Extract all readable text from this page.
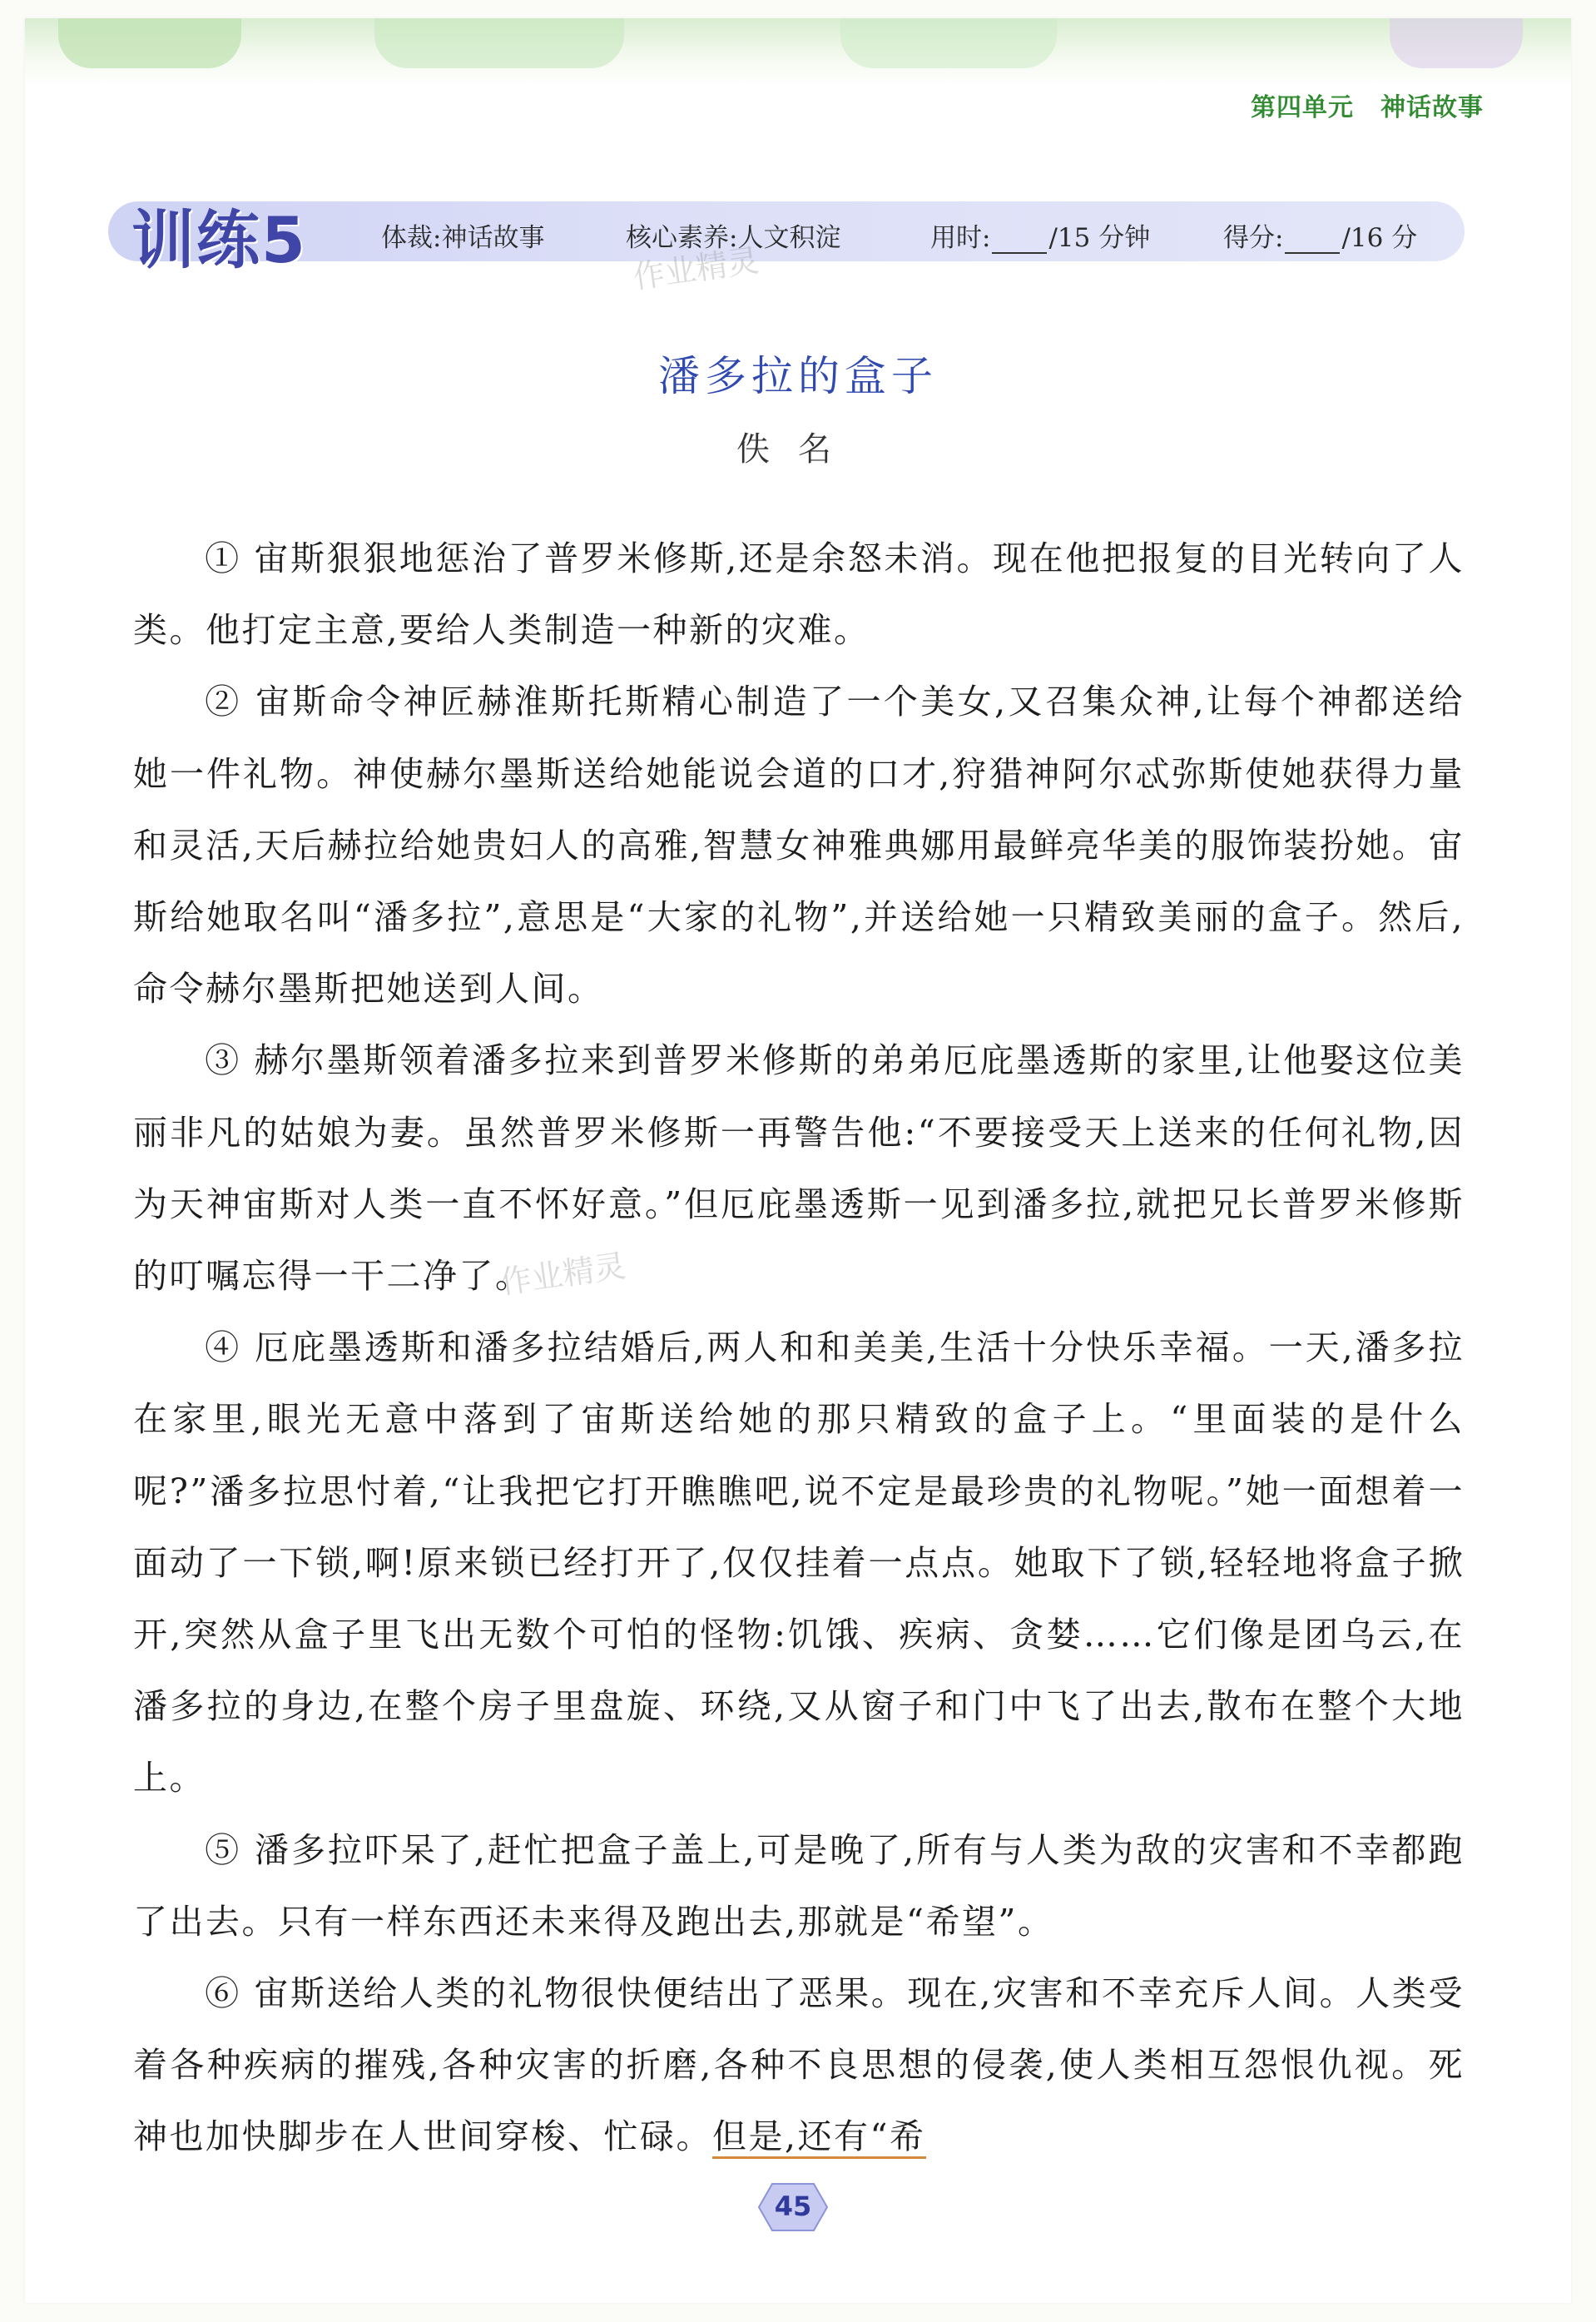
第四单元 神话故事
训练5	体裁:神话故事	核心素养:人文积淀	用时: /15 分钟	得分: /16 分
作业精灵
作业精灵
潘多拉的盒子
佚名

① 宙斯狠狠地惩治了普罗米修斯,还是余怒未消。现在他把报复的目光转向了人类。他打定主意,要给人类制造一种新的灾难。

② 宙斯命令神匠赫淮斯托斯精心制造了一个美女,又召集众神,让每个神都送给她一件礼物。神使赫尔墨斯送给她能说会道的口才,狩猎神阿尔忒弥斯使她获得力量和灵活,天后赫拉给她贵妇人的高雅,智慧女神雅典娜用最鲜亮华美的服饰装扮她。宙斯给她取名叫“潘多拉”,意思是“大家的礼物”,并送给她一只精致美丽的盒子。然后,命令赫尔墨斯把她送到人间。

③ 赫尔墨斯领着潘多拉来到普罗米修斯的弟弟厄庇墨透斯的家里,让他娶这位美丽非凡的姑娘为妻。虽然普罗米修斯一再警告他:“不要接受天上送来的任何礼物,因为天神宙斯对人类一直不怀好意。”但厄庇墨透斯一见到潘多拉,就把兄长普罗米修斯的叮嘱忘得一干二净了。

④ 厄庇墨透斯和潘多拉结婚后,两人和和美美,生活十分快乐幸福。一天,潘多拉在家里,眼光无意中落到了宙斯送给她的那只精致的盒子上。“里面装的是什么呢?”潘多拉思忖着,“让我把它打开瞧瞧吧,说不定是最珍贵的礼物呢。”她一面想着一面动了一下锁,啊!原来锁已经打开了,仅仅挂着一点点。她取下了锁,轻轻地将盒子掀开,突然从盒子里飞出无数个可怕的怪物:饥饿、疾病、贪婪……它们像是团乌云,在潘多拉的身边,在整个房子里盘旋、环绕,又从窗子和门中飞了出去,散布在整个大地上。

⑤ 潘多拉吓呆了,赶忙把盒子盖上,可是晚了,所有与人类为敌的灾害和不幸都跑了出去。只有一样东西还未来得及跑出去,那就是“希望”。

⑥ 宙斯送给人类的礼物很快便结出了恶果。现在,灾害和不幸充斥人间。人类受着各种疾病的摧残,各种灾害的折磨,各种不良思想的侵袭,使人类相互怨恨仇视。死神也加快脚步在人世间穿梭、忙碌。但是,还有“希

45
